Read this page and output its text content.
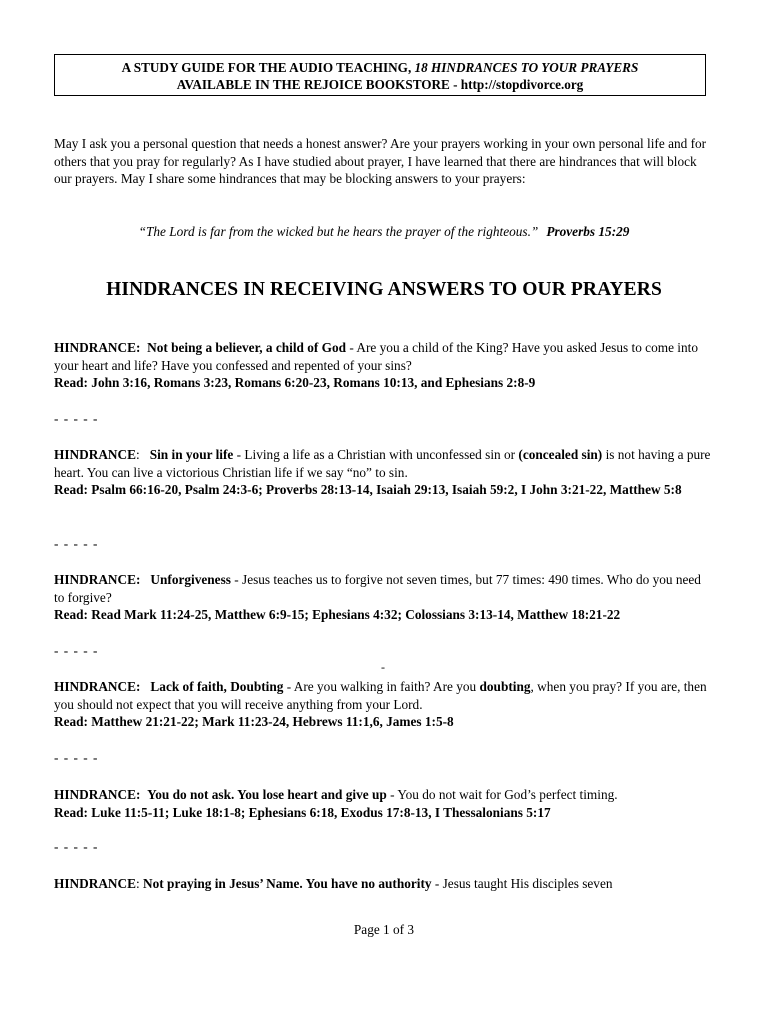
A STUDY GUIDE FOR THE AUDIO TEACHING, 18 HINDRANCES TO YOUR PRAYERS
AVAILABLE IN THE REJOICE BOOKSTORE - http://stopdivorce.org
May I ask you a personal question that needs a honest answer? Are your prayers working in your own personal life and for others that you pray for regularly? As I have studied about prayer, I have learned that there are hindrances that will block our prayers. May I share some hindrances that may be blocking answers to your prayers:
“The Lord is far from the wicked but he hears the prayer of the righteous.” Proverbs 15:29
HINDRANCES IN RECEIVING ANSWERS TO OUR PRAYERS
HINDRANCE: Not being a believer, a child of God - Are you a child of the King? Have you asked Jesus to come into your heart and life? Have you confessed and repented of your sins?
Read: John 3:16, Romans 3:23, Romans 6:20-23, Romans 10:13, and Ephesians 2:8-9
- - - - -
HINDRANCE:   Sin in your life - Living a life as a Christian with unconfessed sin or (concealed sin) is not having a pure heart. You can live a victorious Christian life if we say “no” to sin.
Read: Psalm 66:16-20, Psalm 24:3-6; Proverbs 28:13-14, Isaiah 29:13, Isaiah 59:2, I John 3:21-22, Matthew 5:8
- - - - -
HINDRANCE: Unforgiveness - Jesus teaches us to forgive not seven times, but 77 times: 490 times. Who do you need to forgive?
Read: Read Mark 11:24-25, Matthew 6:9-15; Ephesians 4:32; Colossians 3:13-14, Matthew 18:21-22
- - - - -
-
HINDRANCE: Lack of faith, Doubting - Are you walking in faith? Are you doubting, when you pray? If you are, then you should not expect that you will receive anything from your Lord.
Read: Matthew 21:21-22; Mark 11:23-24, Hebrews 11:1,6, James 1:5-8
- - - - -
HINDRANCE: You do not ask. You lose heart and give up - You do not wait for God’s perfect timing.
Read: Luke 11:5-11; Luke 18:1-8; Ephesians 6:18, Exodus 17:8-13, I Thessalonians 5:17
- - - - -
HINDRANCE: Not praying in Jesus’ Name. You have no authority - Jesus taught His disciples seven
Page 1 of 3
